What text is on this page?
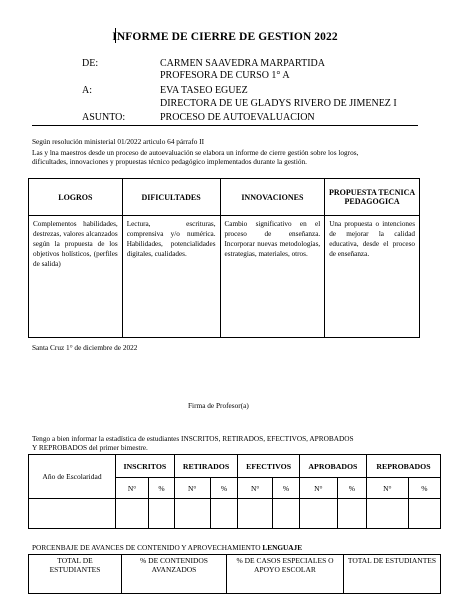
INFORME DE CIERRE DE GESTION 2022
DE:	CARMEN SAAVEDRA MARPARTIDA
PROFESORA DE CURSO 1° A
A:	EVA TASEO EGUEZ
DIRECTORA DE UE GLADYS RIVERO DE JIMENEZ I
ASUNTO:	PROCESO DE AUTOEVALUACION
Según resolución ministerial 01/2022 articulo 64 párrafo II
Las y lna maestros desde un proceso de autoevaluación se elabora un informe de cierre gestión sobre los logros,
dificultades, innovaciones y propuestas técnico pedagógico implementados durante la gestión.
LOGROS	DIFICULTADES	INNOVACIONES	PROPUESTA TECNICA PEDAGOGICA
Complementos habilidades, destrezas, valores alcanzados según la propuesta de los objetivos holísticos, (perfiles de salida)	Lectura, escrituras, comprensiva y/o numérica. Habilidades, potencialidades digitales, cualidades.	Cambio significativo en el proceso de enseñanza. Incorporar nuevas metodologías, estrategias, materiales, otros.	Una propuesta o intenciones de mejorar la calidad educativa, desde el proceso de enseñanza.
Santa Cruz 1° de diciembre de 2022
Firma de Profesor(a)
Tengo a bien informar la estadística de estudiantes INSCRITOS, RETIRADOS, EFECTIVOS, APROBADOS
Y REPROBADOS del primer bimestre.
Año de Escolaridad	INSCRITOS		RETIRADOS		EFECTIVOS		APROBADOS		REPROBADOS	
	N°	%	N°	%	N°	%	N°	%	N°	%

PORCENBAJE DE AVANCES DE CONTENIDO Y APROVECHAMIENTO LENGUAJE
TOTAL DE ESTUDIANTES	% DE CONTENIDOS AVANZADOS	% DE CASOS ESPECIALES O APOYO ESCOLAR	TOTAL DE ESTUDIANTES
